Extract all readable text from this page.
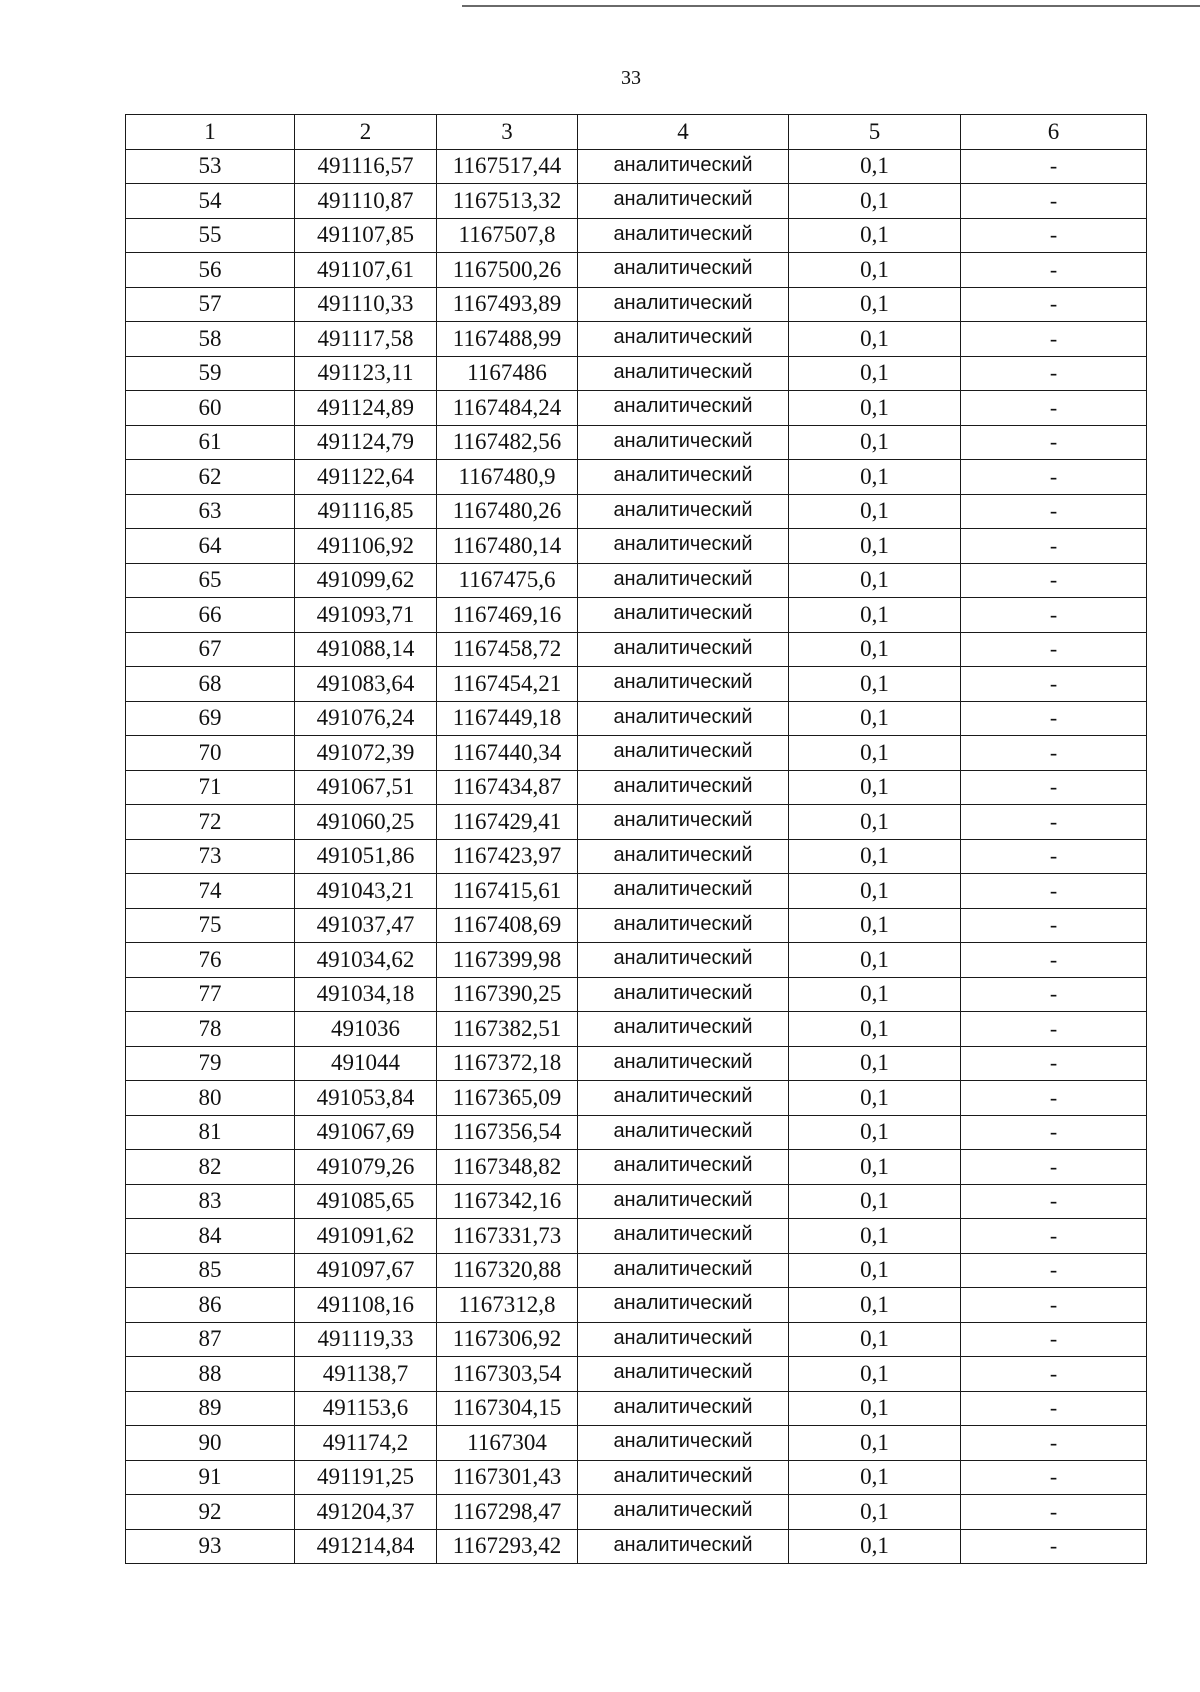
33
1	2	3	4	5	6
53	491116,57	1167517,44	аналитический	0,1	-
54	491110,87	1167513,32	аналитический	0,1	-
55	491107,85	1167507,8	аналитический	0,1	-
56	491107,61	1167500,26	аналитический	0,1	-
57	491110,33	1167493,89	аналитический	0,1	-
58	491117,58	1167488,99	аналитический	0,1	-
59	491123,11	1167486	аналитический	0,1	-
60	491124,89	1167484,24	аналитический	0,1	-
61	491124,79	1167482,56	аналитический	0,1	-
62	491122,64	1167480,9	аналитический	0,1	-
63	491116,85	1167480,26	аналитический	0,1	-
64	491106,92	1167480,14	аналитический	0,1	-
65	491099,62	1167475,6	аналитический	0,1	-
66	491093,71	1167469,16	аналитический	0,1	-
67	491088,14	1167458,72	аналитический	0,1	-
68	491083,64	1167454,21	аналитический	0,1	-
69	491076,24	1167449,18	аналитический	0,1	-
70	491072,39	1167440,34	аналитический	0,1	-
71	491067,51	1167434,87	аналитический	0,1	-
72	491060,25	1167429,41	аналитический	0,1	-
73	491051,86	1167423,97	аналитический	0,1	-
74	491043,21	1167415,61	аналитический	0,1	-
75	491037,47	1167408,69	аналитический	0,1	-
76	491034,62	1167399,98	аналитический	0,1	-
77	491034,18	1167390,25	аналитический	0,1	-
78	491036	1167382,51	аналитический	0,1	-
79	491044	1167372,18	аналитический	0,1	-
80	491053,84	1167365,09	аналитический	0,1	-
81	491067,69	1167356,54	аналитический	0,1	-
82	491079,26	1167348,82	аналитический	0,1	-
83	491085,65	1167342,16	аналитический	0,1	-
84	491091,62	1167331,73	аналитический	0,1	-
85	491097,67	1167320,88	аналитический	0,1	-
86	491108,16	1167312,8	аналитический	0,1	-
87	491119,33	1167306,92	аналитический	0,1	-
88	491138,7	1167303,54	аналитический	0,1	-
89	491153,6	1167304,15	аналитический	0,1	-
90	491174,2	1167304	аналитический	0,1	-
91	491191,25	1167301,43	аналитический	0,1	-
92	491204,37	1167298,47	аналитический	0,1	-
93	491214,84	1167293,42	аналитический	0,1	-
